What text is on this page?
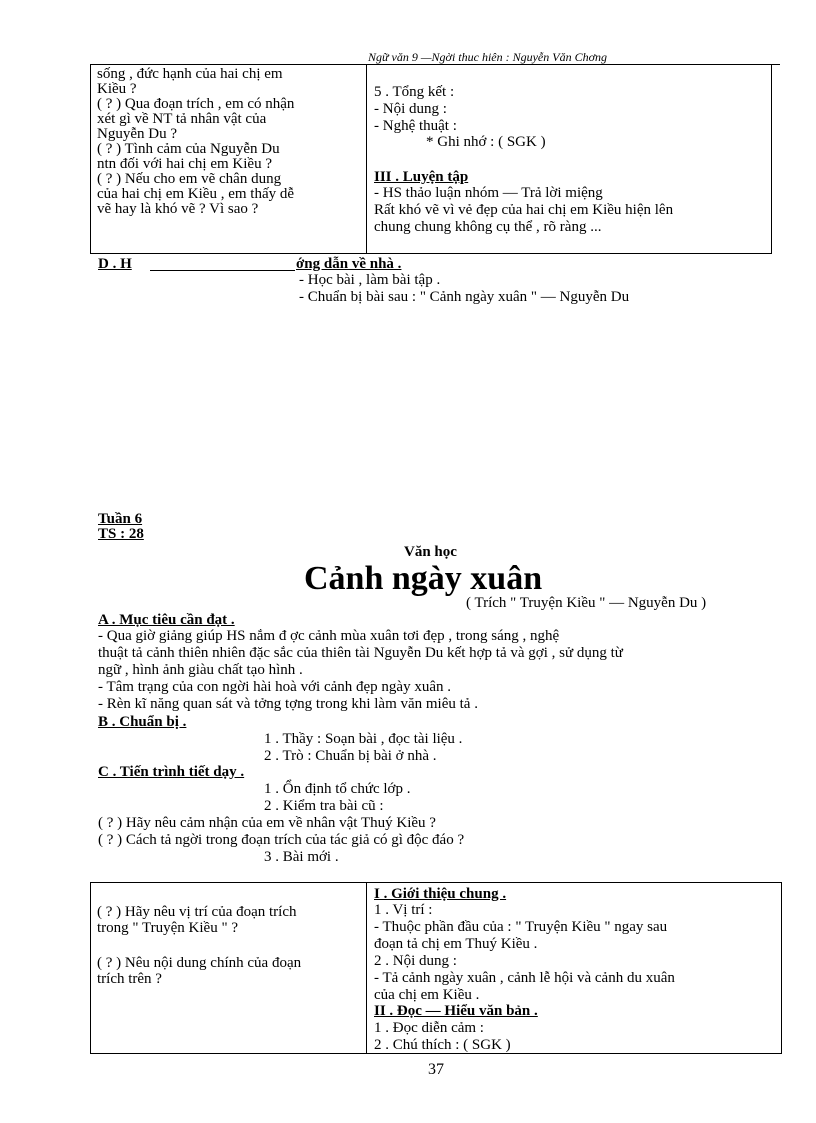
Ngữ văn 9 —Ngời thuc hiên : Nguyễn Văn Chơng
sống , đức hạnh của hai chị em
Kiều ?
( ? ) Qua đoạn trích , em có nhận
xét gì về NT tả nhân vật của
Nguyễn Du ?
( ? ) Tình cảm của Nguyễn Du
ntn đối với hai chị em Kiều ?
( ? ) Nếu cho em vẽ chân dung
của hai chị em Kiều , em thấy dễ
vẽ hay là khó vẽ ? Vì sao ?
5 . Tổng kết :
- Nội dung :
- Nghệ thuật :
* Ghi nhớ : ( SGK )
III . Luyện tập
- HS thảo luận nhóm — Trả lời miệng
Rất khó vẽ vì vẻ đẹp của hai chị em Kiều hiện lên
chung chung không cụ thể , rõ ràng ...
D . H	ớng dẫn về nhà .
- Học bài , làm bài tập .
- Chuẩn bị bài sau : " Cảnh ngày xuân " — Nguyễn Du
Tuần 6
TS : 28
Văn học
Cảnh ngày xuân
( Trích " Truyện Kiều " — Nguyễn Du )
A . Mục tiêu cần đạt .
- Qua giờ giảng giúp HS nắm đ ợc cảnh mùa xuân tơi đẹp , trong sáng , nghệ
thuật tả cảnh thiên nhiên đặc sắc của thiên tài Nguyễn Du kết hợp tả và gợi , sử dụng từ
ngữ , hình ảnh giàu chất tạo hình .
- Tâm trạng của con ngời hài hoà với cảnh đẹp ngày xuân .
- Rèn kĩ năng quan sát và tởng tợng trong khi làm văn miêu tả .
B . Chuẩn bị .
1 . Thầy : Soạn bài , đọc tài liệu .
2 . Trò : Chuẩn bị bài ở nhà .
C . Tiến trình tiết dạy .
1 . Ổn định tổ chức lớp .
2 . Kiểm tra bài cũ :
( ? ) Hãy nêu cảm nhận của em về nhân vật Thuý Kiều ?
( ? ) Cách tả ngời trong đoạn trích của tác giả có gì độc đáo ?
3 . Bài mới .
( ? ) Hãy nêu vị trí của đoạn trích
trong " Truyện Kiều " ?
( ? ) Nêu nội dung chính của đoạn
trích trên ?
I . Giới thiệu chung .
1 . Vị trí :
- Thuộc phần đầu của : " Truyện Kiều " ngay sau
đoạn tả chị em Thuý Kiều .
2 . Nội dung :
- Tả cảnh ngày xuân , cảnh lễ hội và cảnh du xuân
của chị em Kiều .
II . Đọc — Hiểu văn bản .
1 . Đọc diễn cảm :
2 . Chú thích : ( SGK )
37
